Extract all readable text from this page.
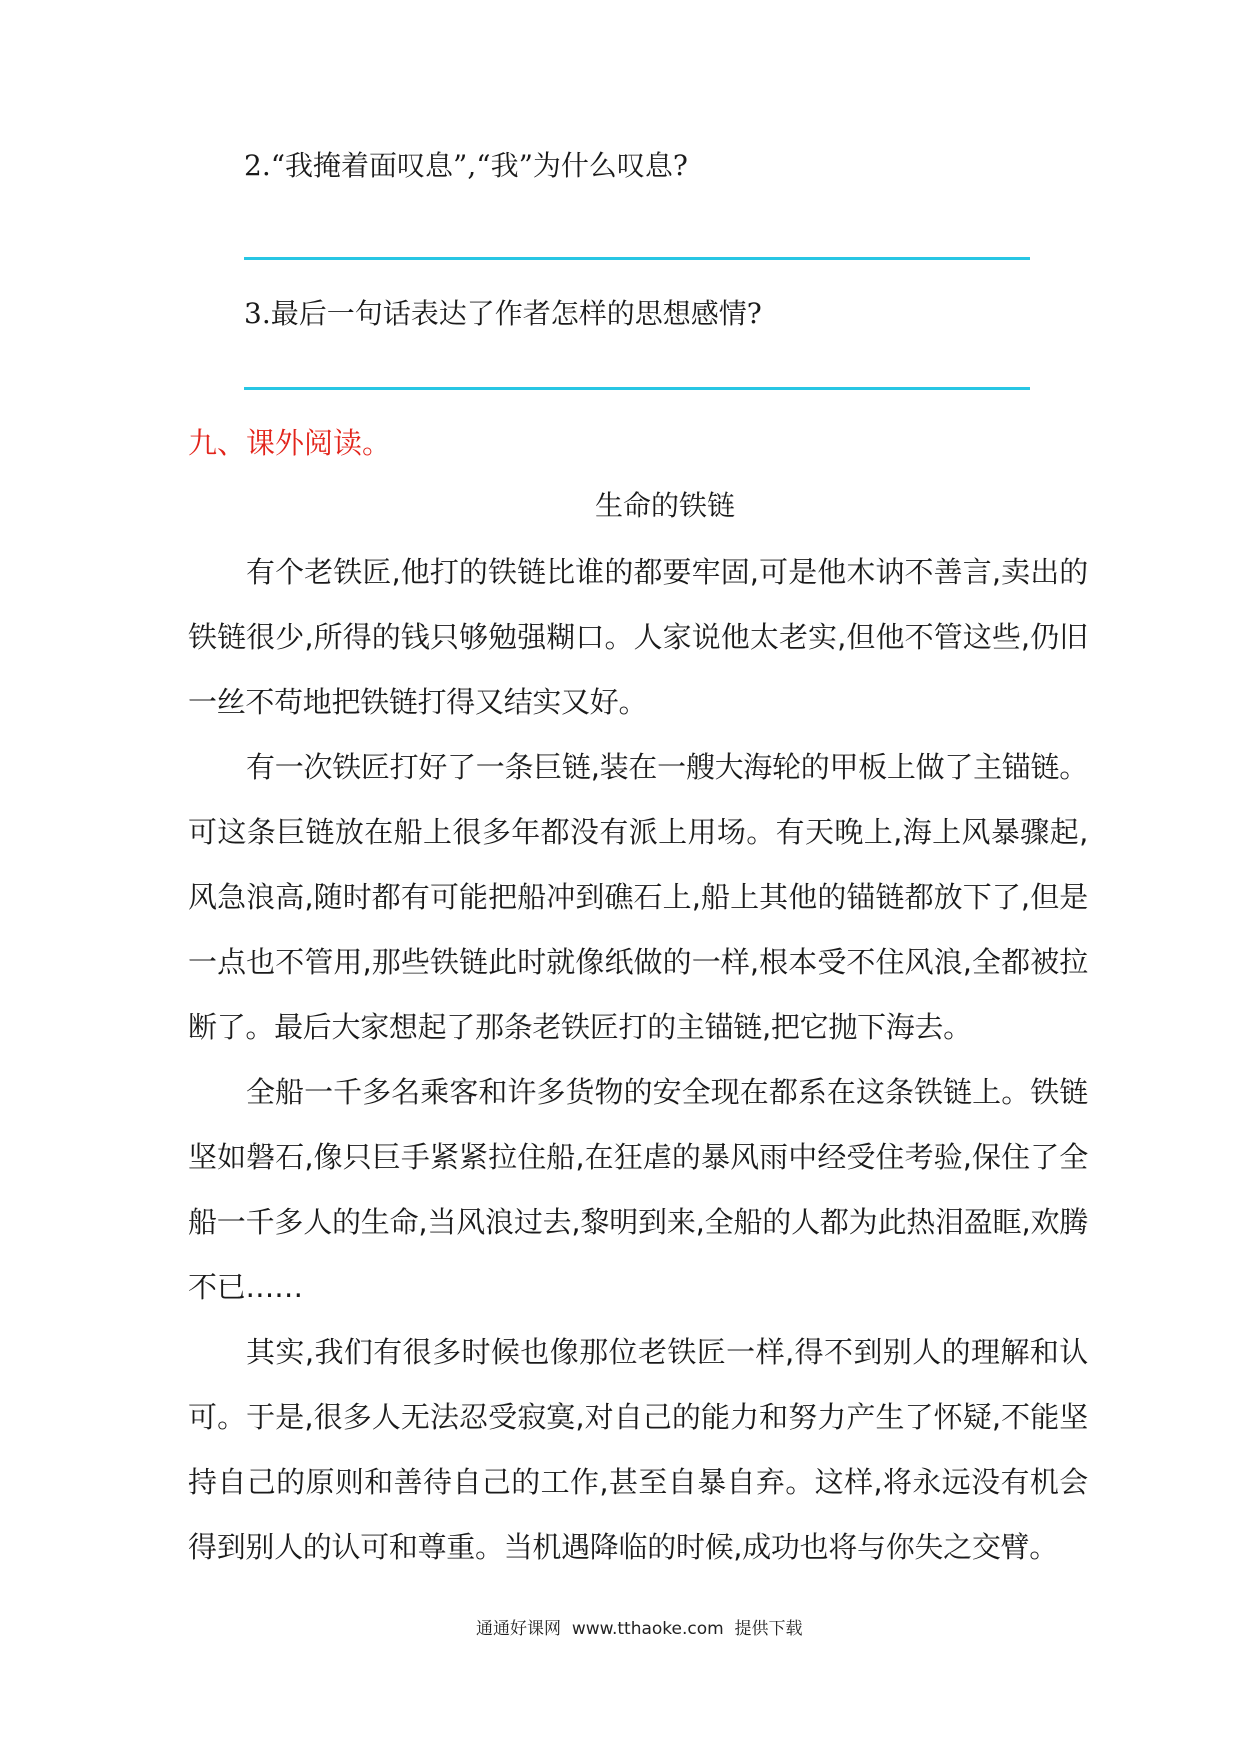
2.“我掩着面叹息”,“我”为什么叹息?
3.最后一句话表达了作者怎样的思想感情?
九、课外阅读。
生命的铁链
有个老铁匠,他打的铁链比谁的都要牢固,可是他木讷不善言,卖出的铁链很少,所得的钱只够勉强糊口。人家说他太老实,但他不管这些,仍旧一丝不苟地把铁链打得又结实又好。
有一次铁匠打好了一条巨链,装在一艘大海轮的甲板上做了主锚链。可这条巨链放在船上很多年都没有派上用场。有天晚上,海上风暴骤起,风急浪高,随时都有可能把船冲到礁石上,船上其他的锚链都放下了,但是一点也不管用,那些铁链此时就像纸做的一样,根本受不住风浪,全都被拉断了。最后大家想起了那条老铁匠打的主锚链,把它抛下海去。
全船一千多名乘客和许多货物的安全现在都系在这条铁链上。铁链坚如磐石,像只巨手紧紧拉住船,在狂虐的暴风雨中经受住考验,保住了全船一千多人的生命,当风浪过去,黎明到来,全船的人都为此热泪盈眶,欢腾不已……
其实,我们有很多时候也像那位老铁匠一样,得不到别人的理解和认可。于是,很多人无法忍受寂寞,对自己的能力和努力产生了怀疑,不能坚持自己的原则和善待自己的工作,甚至自暴自弃。这样,将永远没有机会得到别人的认可和尊重。当机遇降临的时候,成功也将与你失之交臂。
通通好课网 www.tthaoke.com 提供下载
